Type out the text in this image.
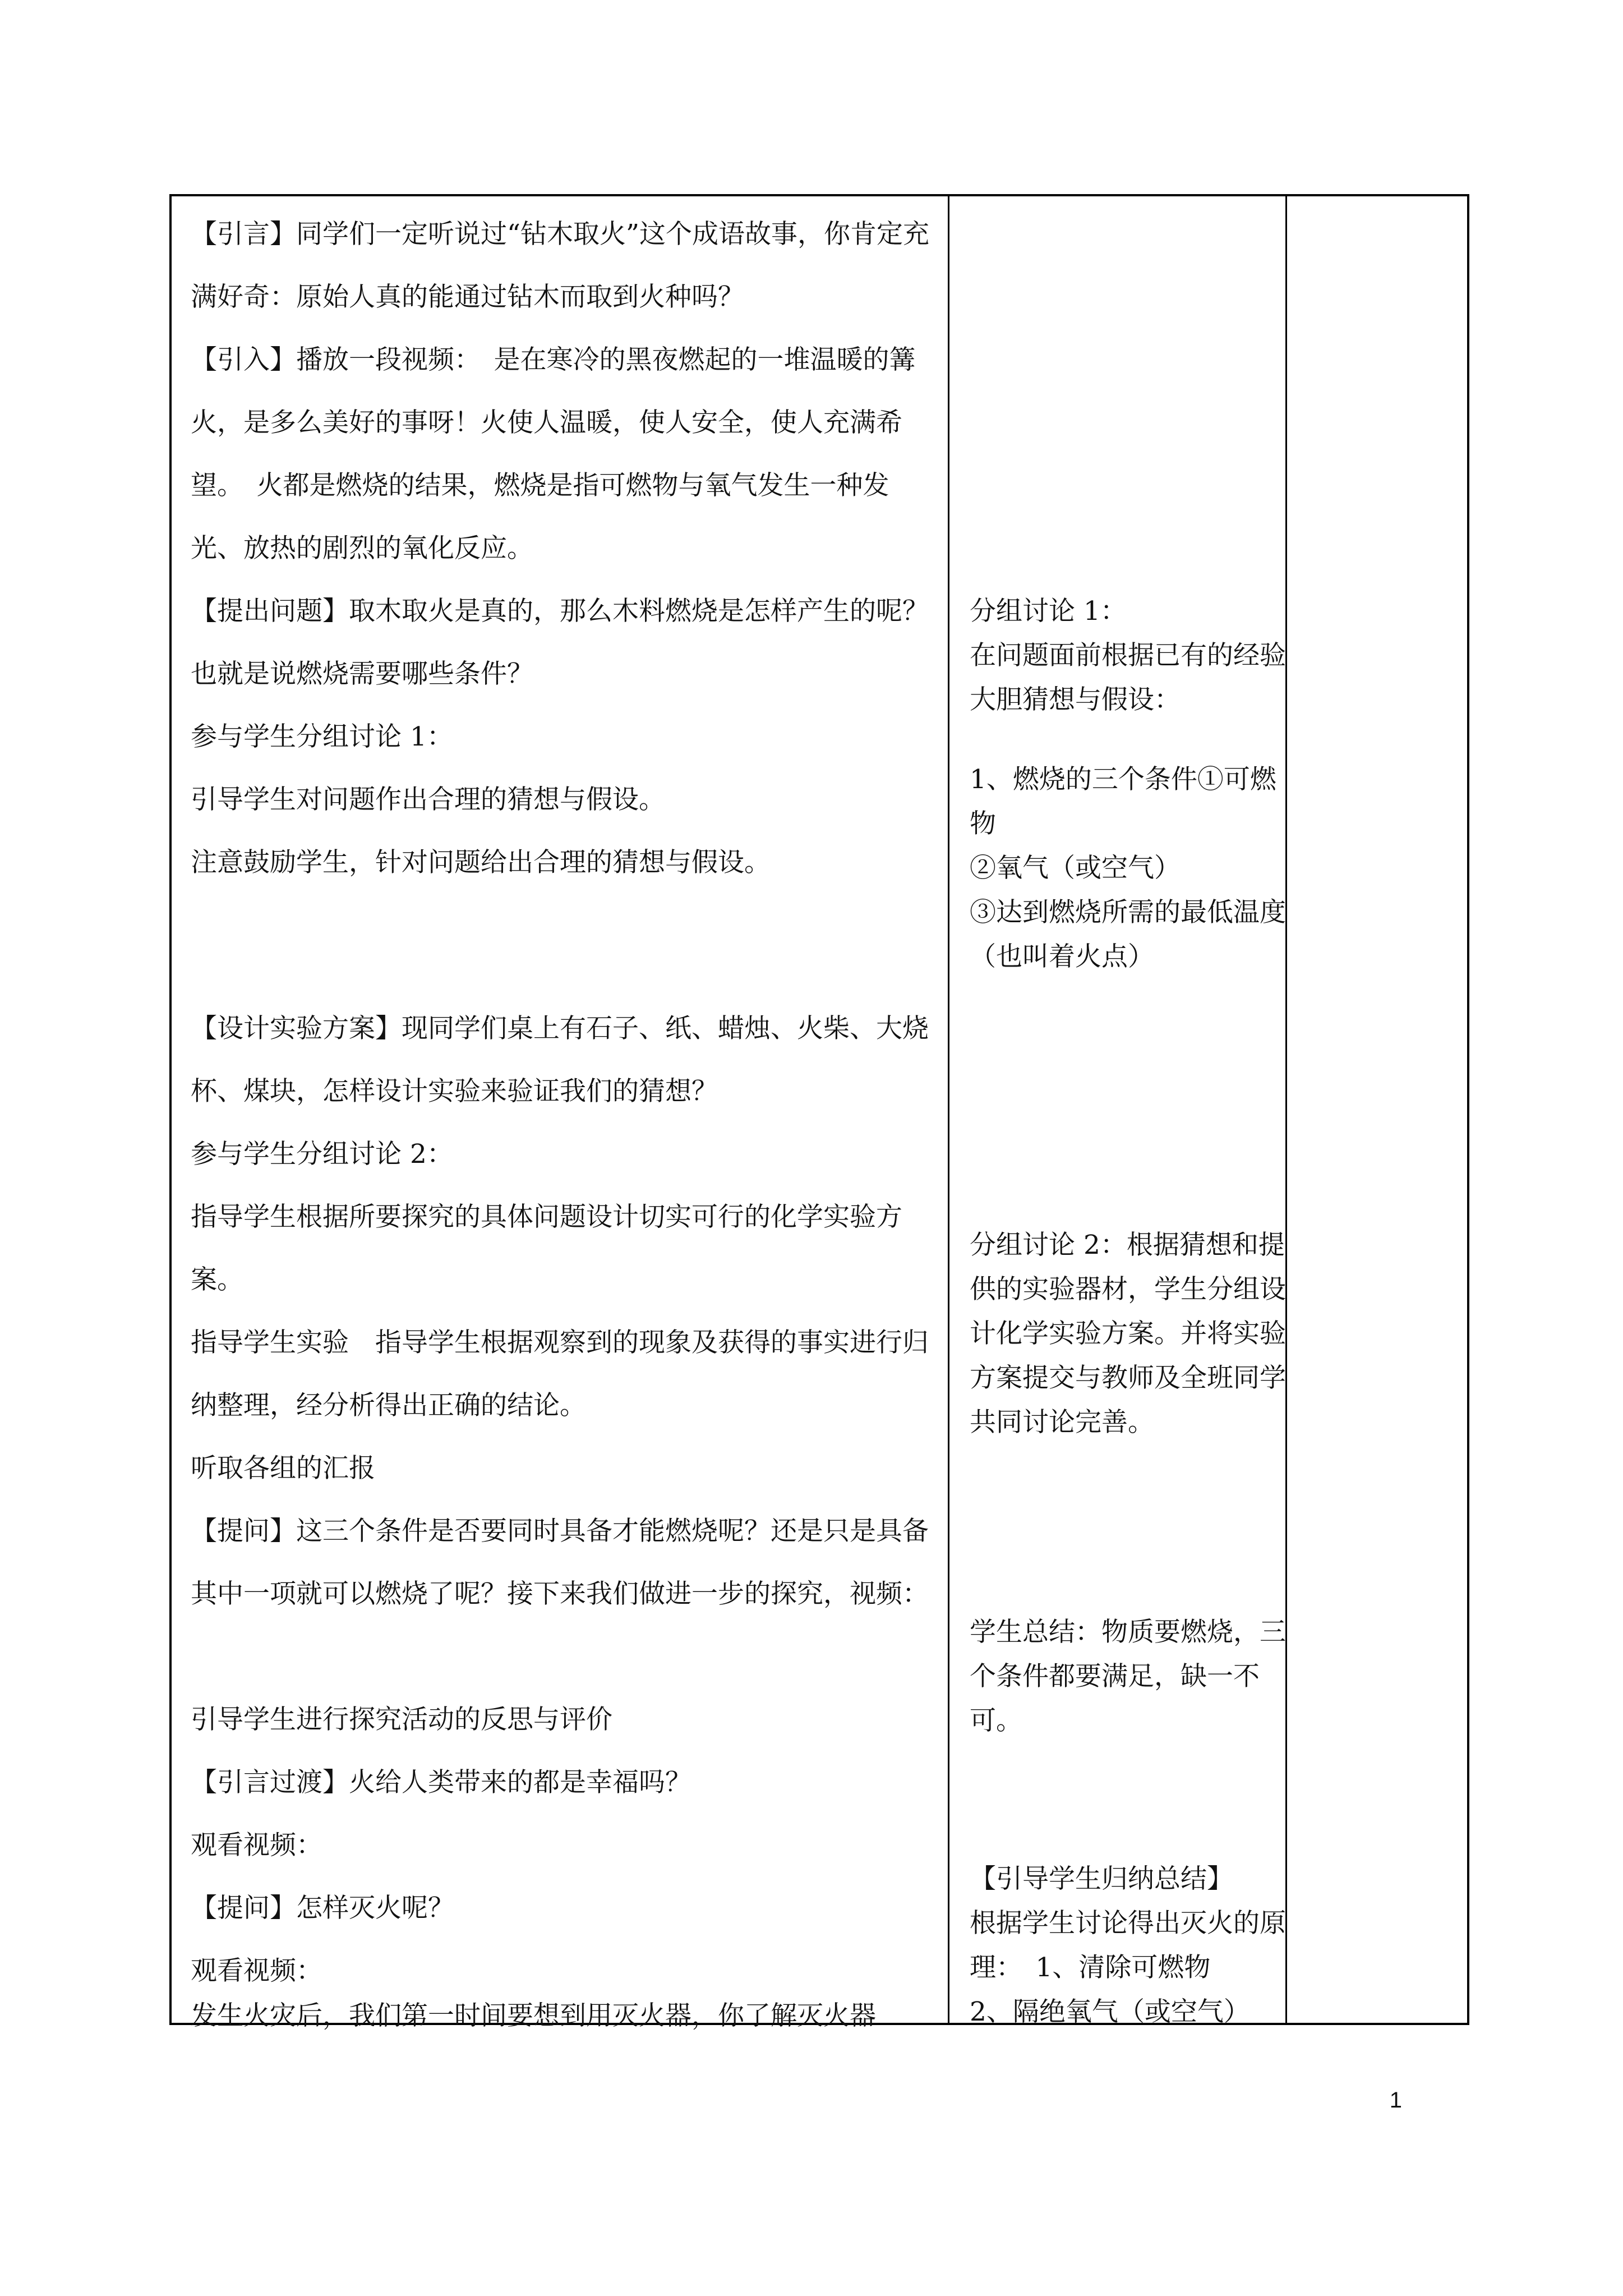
【引言】同学们一定听说过“钻木取火”这个成语故事，你肯定充满好奇：原始人真的能通过钻木而取到火种吗？

【引入】播放一段视频：　是在寒冷的黑夜燃起的一堆温暖的篝火，是多么美好的事呀！火使人温暖，使人安全，使人充满希望。　火都是燃烧的结果，燃烧是指可燃物与氧气发生一种发光、放热的剧烈的氧化反应。

【提出问题】取木取火是真的，那么木料燃烧是怎样产生的呢？也就是说燃烧需要哪些条件？

参与学生分组讨论 1：

引导学生对问题作出合理的猜想与假设。

注意鼓励学生，针对问题给出合理的猜想与假设。

【设计实验方案】现同学们桌上有石子、纸、蜡烛、火柴、大烧杯、煤块，怎样设计实验来验证我们的猜想？

参与学生分组讨论 2：

指导学生根据所要探究的具体问题设计切实可行的化学实验方案。

指导学生实验　指导学生根据观察到的现象及获得的事实进行归纳整理，经分析得出正确的结论。

听取各组的汇报

【提问】这三个条件是否要同时具备才能燃烧呢？还是只是具备其中一项就可以燃烧了呢？接下来我们做进一步的探究，视频：

引导学生进行探究活动的反思与评价

【引言过渡】火给人类带来的都是幸福吗？

观看视频：

【提问】怎样灭火呢？

观看视频：

发生火灾后，我们第一时间要想到用灭火器，你了解灭火器

分组讨论 1：

在问题面前根据已有的经验大胆猜想与假设：

1、燃烧的三个条件①可燃物

②氧气（或空气）

③达到燃烧所需的最低温度（也叫着火点）

分组讨论 2：根据猜想和提供的实验器材，学生分组设计化学实验方案。并将实验方案提交与教师及全班同学共同讨论完善。

学生总结：物质要燃烧，三个条件都要满足，缺一不可。

【引导学生归纳总结】

根据学生讨论得出灭火的原理：　1、清除可燃物

2、隔绝氧气（或空气）

1
